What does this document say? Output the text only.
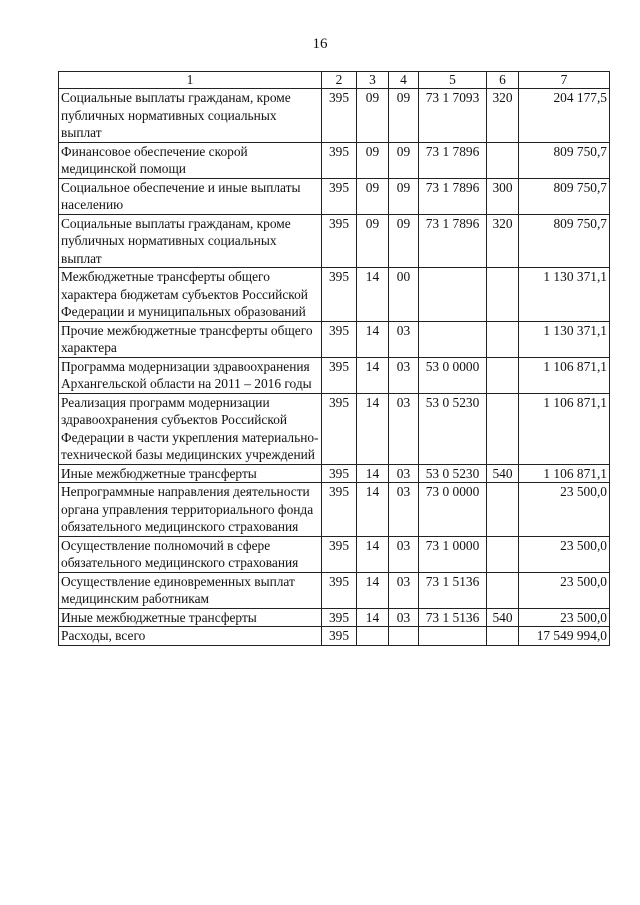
16
1	2	3	4	5	6	7
Социальные выплаты гражданам, кроме публичных нормативных социальных выплат	395	09	09	73 1 7093	320	204 177,5
Финансовое обеспечение скорой медицинской помощи	395	09	09	73 1 7896		809 750,7
Социальное обеспечение и иные выплаты населению	395	09	09	73 1 7896	300	809 750,7
Социальные выплаты гражданам, кроме публичных нормативных социальных выплат	395	09	09	73 1 7896	320	809 750,7
Межбюджетные трансферты общего характера бюджетам субъектов Российской Федерации и муниципальных образований	395	14	00			1 130 371,1
Прочие межбюджетные трансферты общего характера	395	14	03			1 130 371,1
Программа модернизации здравоохранения Архангельской области на 2011 – 2016 годы	395	14	03	53 0 0000		1 106 871,1
Реализация программ модернизации здравоохранения субъектов Российской Федерации в части укрепления материально-технической базы медицинских учреждений	395	14	03	53 0 5230		1 106 871,1
Иные межбюджетные трансферты	395	14	03	53 0 5230	540	1 106 871,1
Непрограммные направления деятельности органа управления территориального фонда обязательного медицинского страхования	395	14	03	73 0 0000		23 500,0
Осуществление полномочий в сфере обязательного медицинского страхования	395	14	03	73 1 0000		23 500,0
Осуществление единовременных выплат медицинским работникам	395	14	03	73 1 5136		23 500,0
Иные межбюджетные трансферты	395	14	03	73 1 5136	540	23 500,0
Расходы, всего	395					17 549 994,0
